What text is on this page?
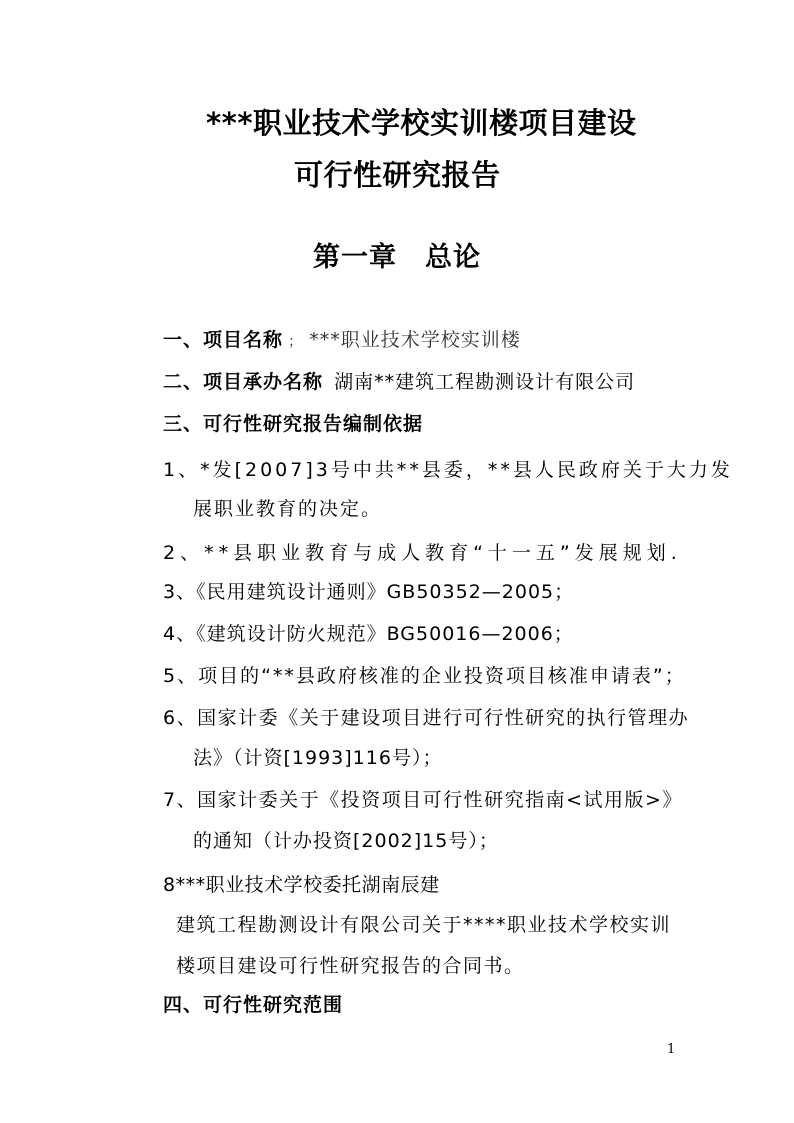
***职业技术学校实训楼项目建设
可行性研究报告
第一章　总论
一、项目名称 ； ***职业技术学校实训楼
二、项目承办名称 湖南**建筑工程勘测设计有限公司
三、可行性研究报告编制依据
1、*发[2007]3号中共**县委，**县人民政府关于大力发
展职业教育的决定。
2、**县职业教育与成人教育“十一五”发展规划.
3、《民用建筑设计通则》GB50352—2005；
4、《建筑设计防火规范》BG50016—2006；
5、项目的“**县政府核准的企业投资项目核准申请表”；
6、国家计委《关于建设项目进行可行性研究的执行管理办
法》（计资[1993]116号）；
7、国家计委关于《投资项目可行性研究指南<试用版>》
的通知（计办投资[2002]15号）；
8***职业技术学校委托湖南辰建
建筑工程勘测设计有限公司关于****职业技术学校实训
楼项目建设可行性研究报告的合同书。
四、可行性研究范围
1
